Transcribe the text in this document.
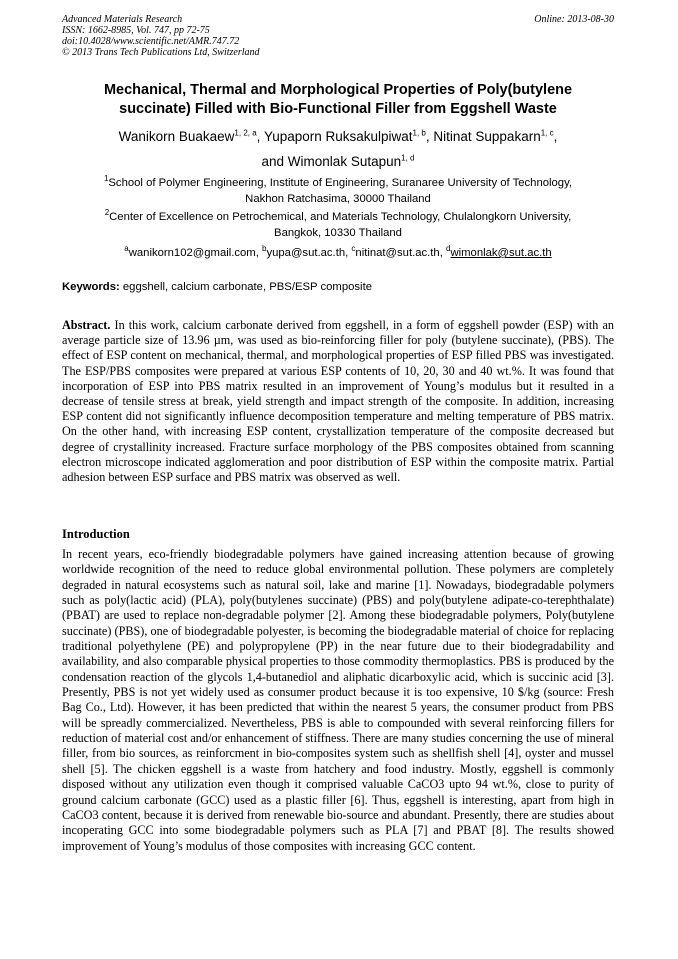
Advanced Materials Research
ISSN: 1662-8985, Vol. 747, pp 72-75
doi:10.4028/www.scientific.net/AMR.747.72
© 2013 Trans Tech Publications Ltd, Switzerland
Online: 2013-08-30
Mechanical, Thermal and Morphological Properties of Poly(butylene
succinate) Filled with Bio-Functional Filler from Eggshell Waste
Wanikorn Buakaew$^{1, 2, a}$, Yupaporn Ruksakulpiwat$^{1, b}$, Nitinat Suppakarn$^{1, c}$,
and Wimonlak Sutapun$^{1, d}$
$^1$School of Polymer Engineering, Institute of Engineering, Suranaree University of Technology,
Nakhon Ratchasima, 30000 Thailand
$^2$Center of Excellence on Petrochemical, and Materials Technology, Chulalongkorn University,
Bangkok, 10330 Thailand
$^a$wanikorn102@gmail.com, $^b$yupa@sut.ac.th, $^c$nitinat@sut.ac.th, $^d$wimonlak@sut.ac.th
Keywords: eggshell, calcium carbonate, PBS/ESP composite
Abstract. In this work, calcium carbonate derived from eggshell, in a form of eggshell powder (ESP) with an average particle size of 13.96 µm, was used as bio-reinforcing filler for poly (butylene succinate), (PBS). The effect of ESP content on mechanical, thermal, and morphological properties of ESP filled PBS was investigated. The ESP/PBS composites were prepared at various ESP contents of 10, 20, 30 and 40 wt.%. It was found that incorporation of ESP into PBS matrix resulted in an improvement of Young’s modulus but it resulted in a decrease of tensile stress at break, yield strength and impact strength of the composite. In addition, increasing ESP content did not significantly influence decomposition temperature and melting temperature of PBS matrix. On the other hand, with increasing ESP content, crystallization temperature of the composite decreased but degree of crystallinity increased. Fracture surface morphology of the PBS composites obtained from scanning electron microscope indicated agglomeration and poor distribution of ESP within the composite matrix. Partial adhesion between ESP surface and PBS matrix was observed as well.
Introduction
In recent years, eco-friendly biodegradable polymers have gained increasing attention because of growing worldwide recognition of the need to reduce global environmental pollution. These polymers are completely degraded in natural ecosystems such as natural soil, lake and marine [1]. Nowadays, biodegradable polymers such as poly(lactic acid) (PLA), poly(butylenes succinate) (PBS) and poly(butylene adipate-co-terephthalate) (PBAT) are used to replace non-degradable polymer [2]. Among these biodegradable polymers, Poly(butylene succinate) (PBS), one of biodegradable polyester, is becoming the biodegradable material of choice for replacing traditional polyethylene (PE) and polypropylene (PP) in the near future due to their biodegradability and availability, and also comparable physical properties to those commodity thermoplastics. PBS is produced by the condensation reaction of the glycols 1,4-butanediol and aliphatic dicarboxylic acid, which is succinic acid [3]. Presently, PBS is not yet widely used as consumer product because it is too expensive, 10 $/kg (source: Fresh Bag Co., Ltd). However, it has been predicted that within the nearest 5 years, the consumer product from PBS will be spreadly commercialized. Nevertheless, PBS is able to compounded with several reinforcing fillers for reduction of material cost and/or enhancement of stiffness. There are many studies concerning the use of mineral filler, from bio sources, as reinforcment in bio-composites system such as shellfish shell [4], oyster and mussel shell [5]. The chicken eggshell is a waste from hatchery and food industry. Mostly, eggshell is commonly disposed without any utilization even though it comprised valuable CaCO3 upto 94 wt.%, close to purity of ground calcium carbonate (GCC) used as a plastic filler [6]. Thus, eggshell is interesting, apart from high in CaCO3 content, because it is derived from renewable bio-source and abundant. Presently, there are studies about incoperating GCC into some biodegradable polymers such as PLA [7] and PBAT [8]. The results showed improvement of Young’s modulus of those composites with increasing GCC content.
